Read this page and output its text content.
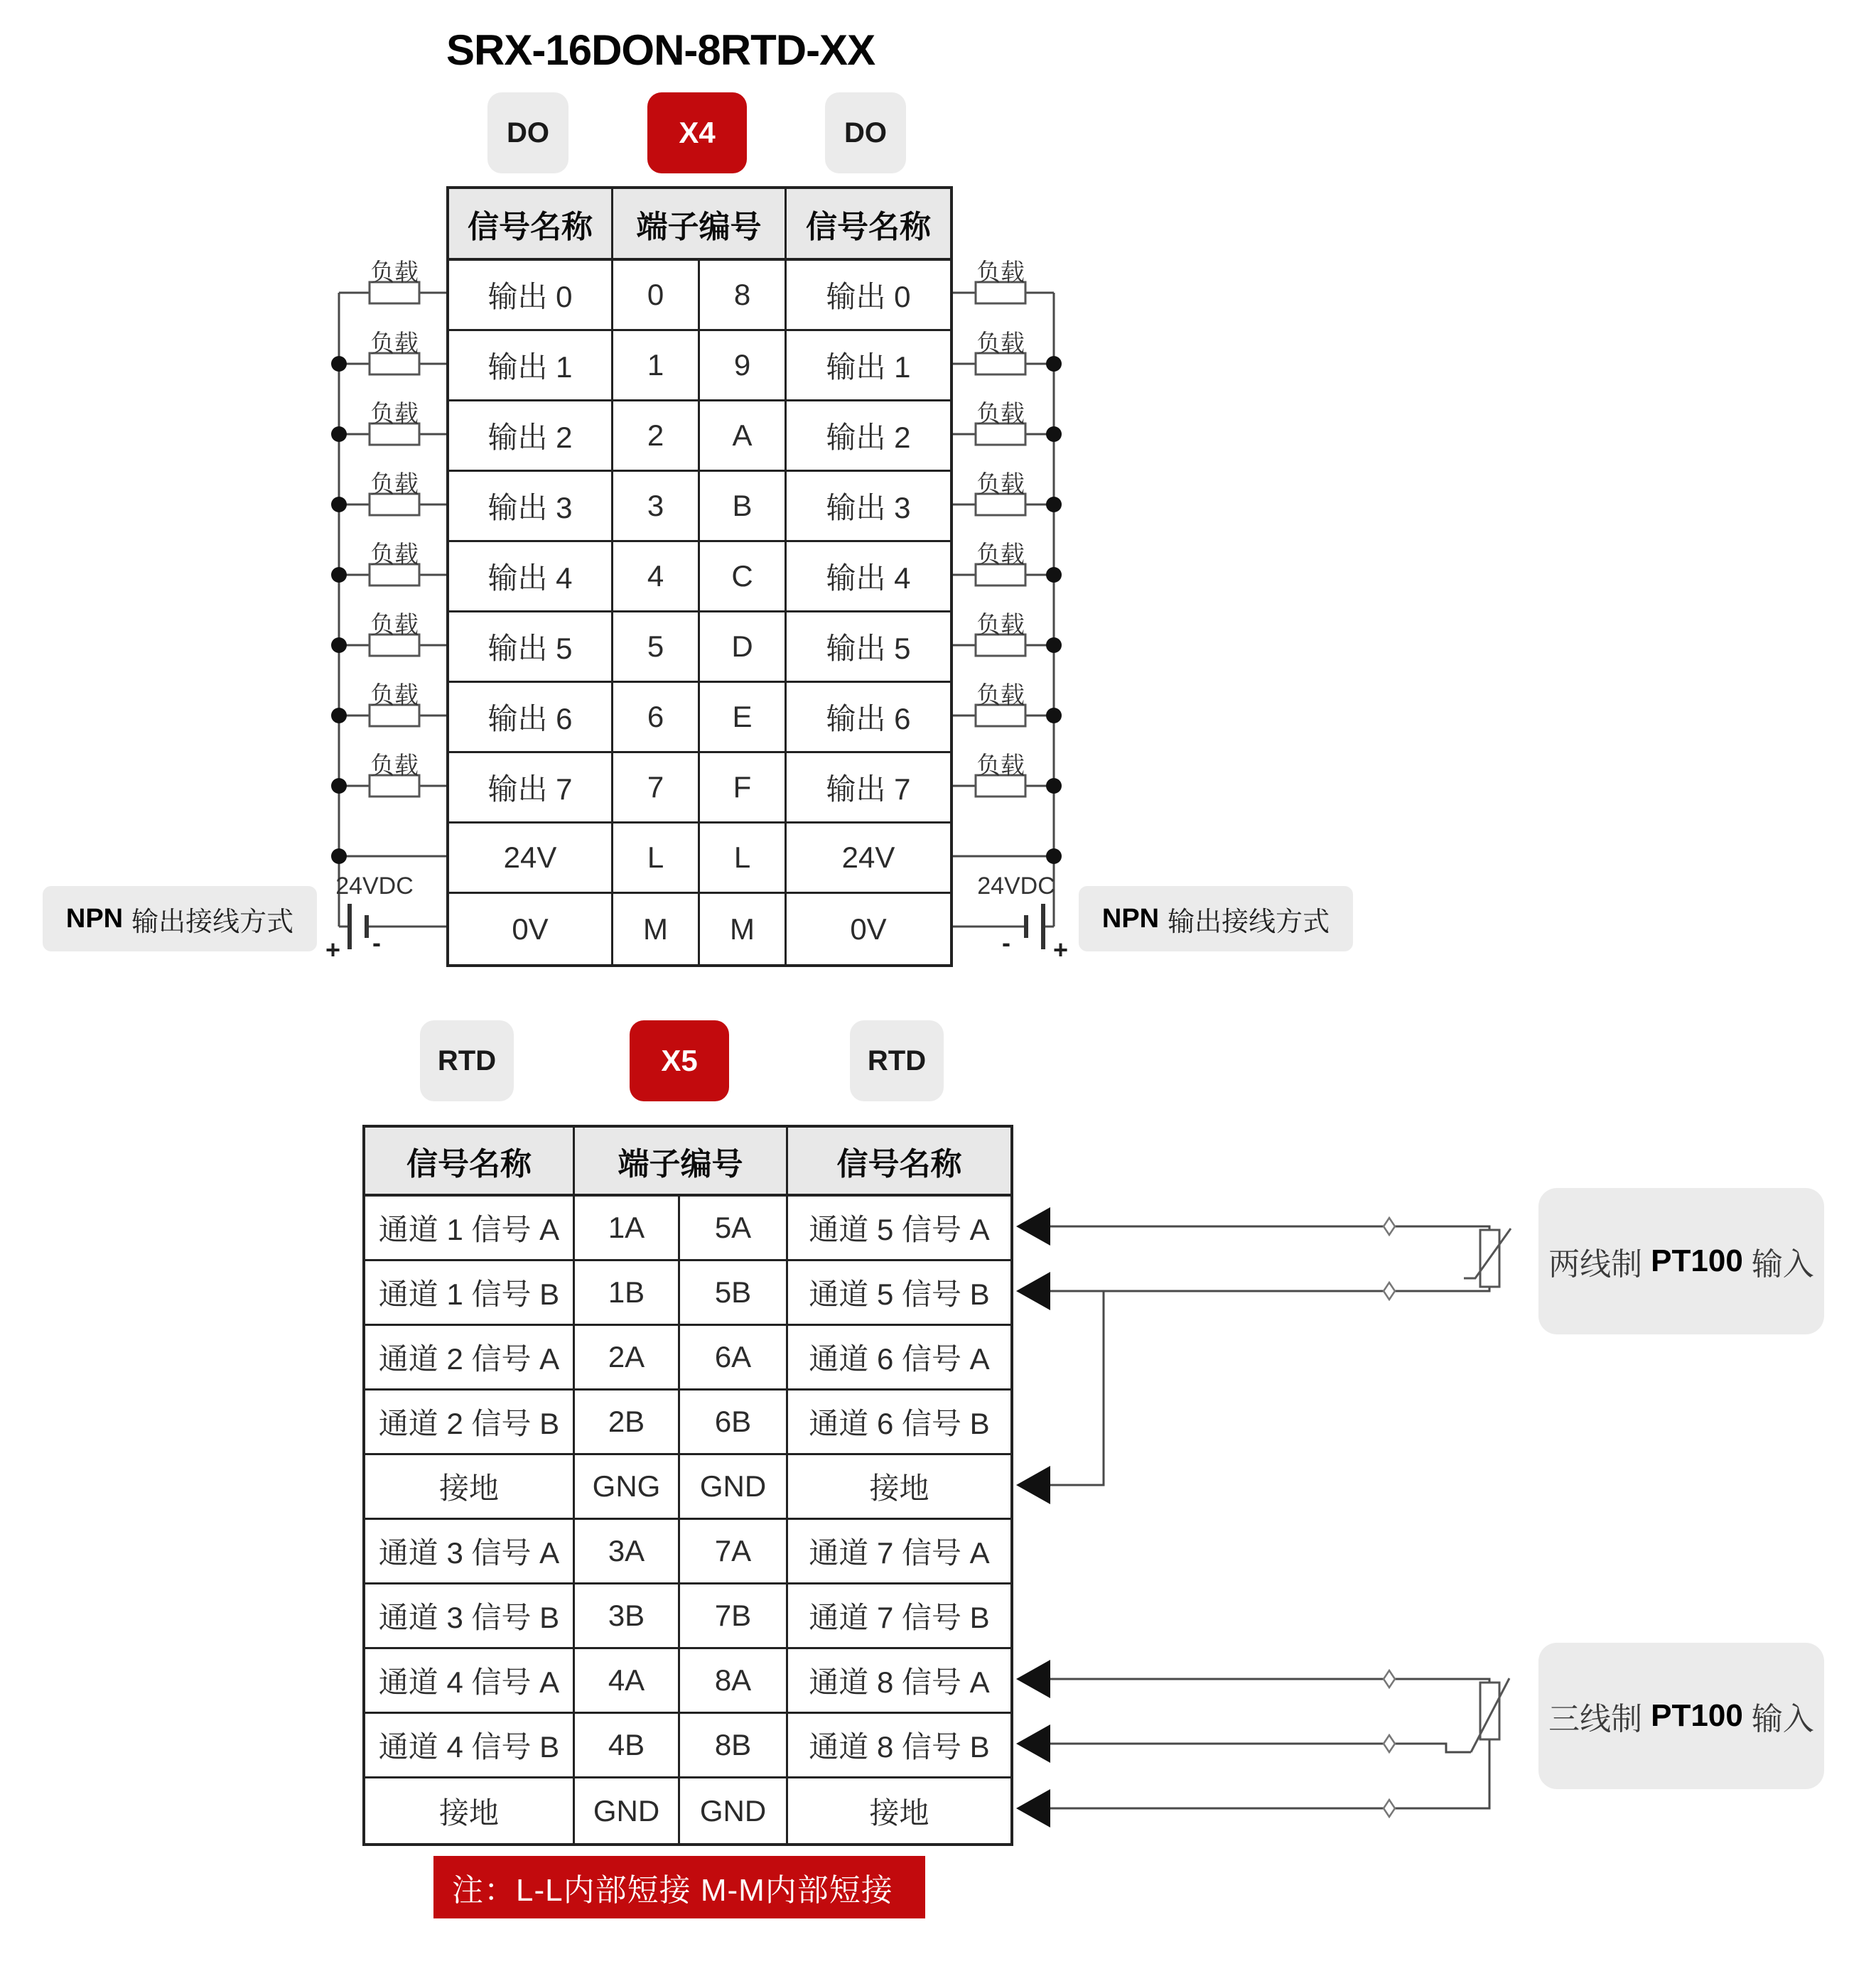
SRX-16DON-8RTD-XX
DO	X4	DO
RTD	X5	RTD
信号名称	端子编号	信号名称
输出 0	0	8	输出 0
输出 1	1	9	输出 1
输出 2	2	A	输出 2
输出 3	3	B	输出 3
输出 4	4	C	输出 4
输出 5	5	D	输出 5
输出 6	6	E	输出 6
输出 7	7	F	输出 7
24V	L	L	24V
0V	M	M	0V
信号名称	端子编号	信号名称
通道 1 信号 A	1A	5A	通道 5 信号 A
通道 1 信号 B	1B	5B	通道 5 信号 B
通道 2 信号 A	2A	6A	通道 6 信号 A
通道 2 信号 B	2B	6B	通道 6 信号 B
接地	GNG	GND	接地
通道 3 信号 A	3A	7A	通道 7 信号 A
通道 3 信号 B	3B	7B	通道 7 信号 B
通道 4 信号 A	4A	8A	通道 8 信号 A
通道 4 信号 B	4B	8B	通道 8 信号 B
接地	GND	GND	接地
负载	负载
负载	负载
负载	负载
负载	负载
负载	负载
负载	负载
负载	负载
负载	负载
NPN 输出接线方式	NPN 输出接线方式
24VDC	24VDC
+ -	- +
两线制 PT100 输入
三线制 PT100 输入
注：L-L内部短接 M-M内部短接
